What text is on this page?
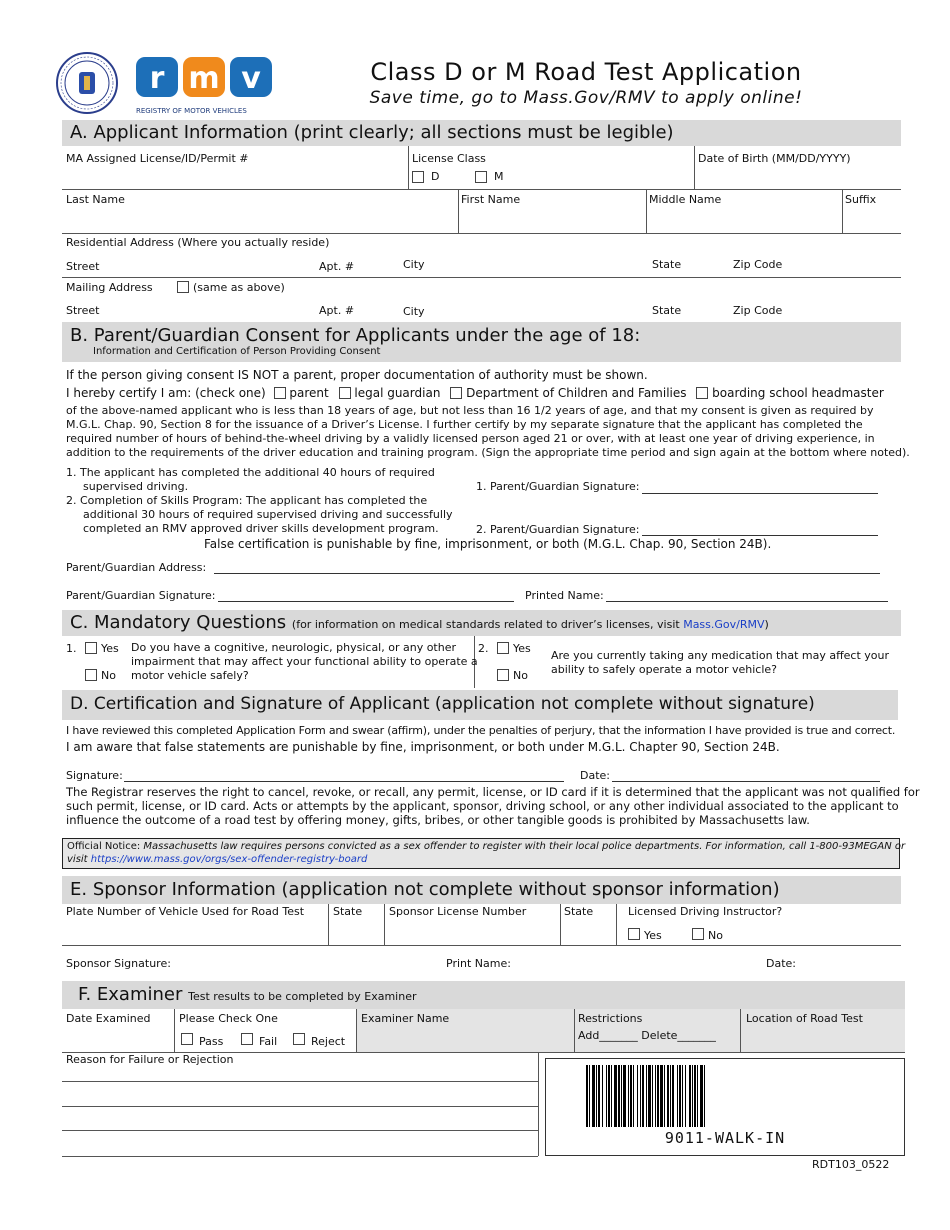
r m v
REGISTRY OF MOTOR VEHICLES
Class D or M Road Test Application
Save time, go to Mass.Gov/RMV to apply online!
A. Applicant Information (print clearly; all sections must be legible)
MA Assigned License/ID/Permit #	License Class
D	M
Date of Birth (MM/DD/YYYY)
Last Name	First Name	Middle Name	Suffix
Residential Address (Where you actually reside)
Street	Apt. #	City	State	Zip Code
Mailing Address	(same as above)
Street	Apt. #	City	State	Zip Code
B. Parent/Guardian Consent for Applicants under the age of 18:
Information and Certification of Person Providing Consent
If the person giving consent IS NOT a parent, proper documentation of authority must be shown.
I hereby certify I am: (check one) parent legal guardian Department of Children and Families boarding school headmaster
of the above-named applicant who is less than 18 years of age, but not less than 16 1/2 years of age, and that my consent is given as required by
M.G.L. Chap. 90, Section 8 for the issuance of a Driver’s License. I further certify by my separate signature that the applicant has completed the
required number of hours of behind-the-wheel driving by a validly licensed person aged 21 or over, with at least one year of driving experience, in
addition to the requirements of the driver education and training program. (Sign the appropriate time period and sign again at the bottom where noted).
1. The applicant has completed the additional 40 hours of required
supervised driving.
2. Completion of Skills Program: The applicant has completed the
additional 30 hours of required supervised driving and successfully
completed an RMV approved driver skills development program.
1. Parent/Guardian Signature:
2. Parent/Guardian Signature:
False certification is punishable by fine, imprisonment, or both (M.G.L. Chap. 90, Section 24B).
Parent/Guardian Address:
Parent/Guardian Signature:	Printed Name:
C. Mandatory Questions (for information on medical standards related to driver’s licenses, visit Mass.Gov/RMV)
1. Yes
No
Do you have a cognitive, neurologic, physical, or any other
impairment that may affect your functional ability to operate a
motor vehicle safely?
2. Yes
No
Are you currently taking any medication that may affect your
ability to safely operate a motor vehicle?
D. Certification and Signature of Applicant (application not complete without signature)
I have reviewed this completed Application Form and swear (affirm), under the penalties of perjury, that the information I have provided is true and correct.
I am aware that false statements are punishable by fine, imprisonment, or both under M.G.L. Chapter 90, Section 24B.
Signature:	Date:
The Registrar reserves the right to cancel, revoke, or recall, any permit, license, or ID card if it is determined that the applicant was not qualified for
such permit, license, or ID card. Acts or attempts by the applicant, sponsor, driving school, or any other individual associated to the applicant to
influence the outcome of a road test by offering money, gifts, bribes, or other tangible goods is prohibited by Massachusetts law.
Official Notice: Massachusetts law requires persons convicted as a sex offender to register with their local police departments. For information, call 1-800-93MEGAN or
visit https://www.mass.gov/orgs/sex-offender-registry-board
E. Sponsor Information (application not complete without sponsor information)
Plate Number of Vehicle Used for Road Test	State Sponsor License Number	State	Licensed Driving Instructor?
Yes	No
Sponsor Signature:	Print Name:	Date:
F. Examiner Test results to be completed by Examiner
Date Examined	Please Check One
Pass	Fail	Reject
Examiner Name	Restrictions
Add_______ Delete_______
Location of Road Test
Reason for Failure or Rejection
9011-WALK-IN
RDT103_0522
